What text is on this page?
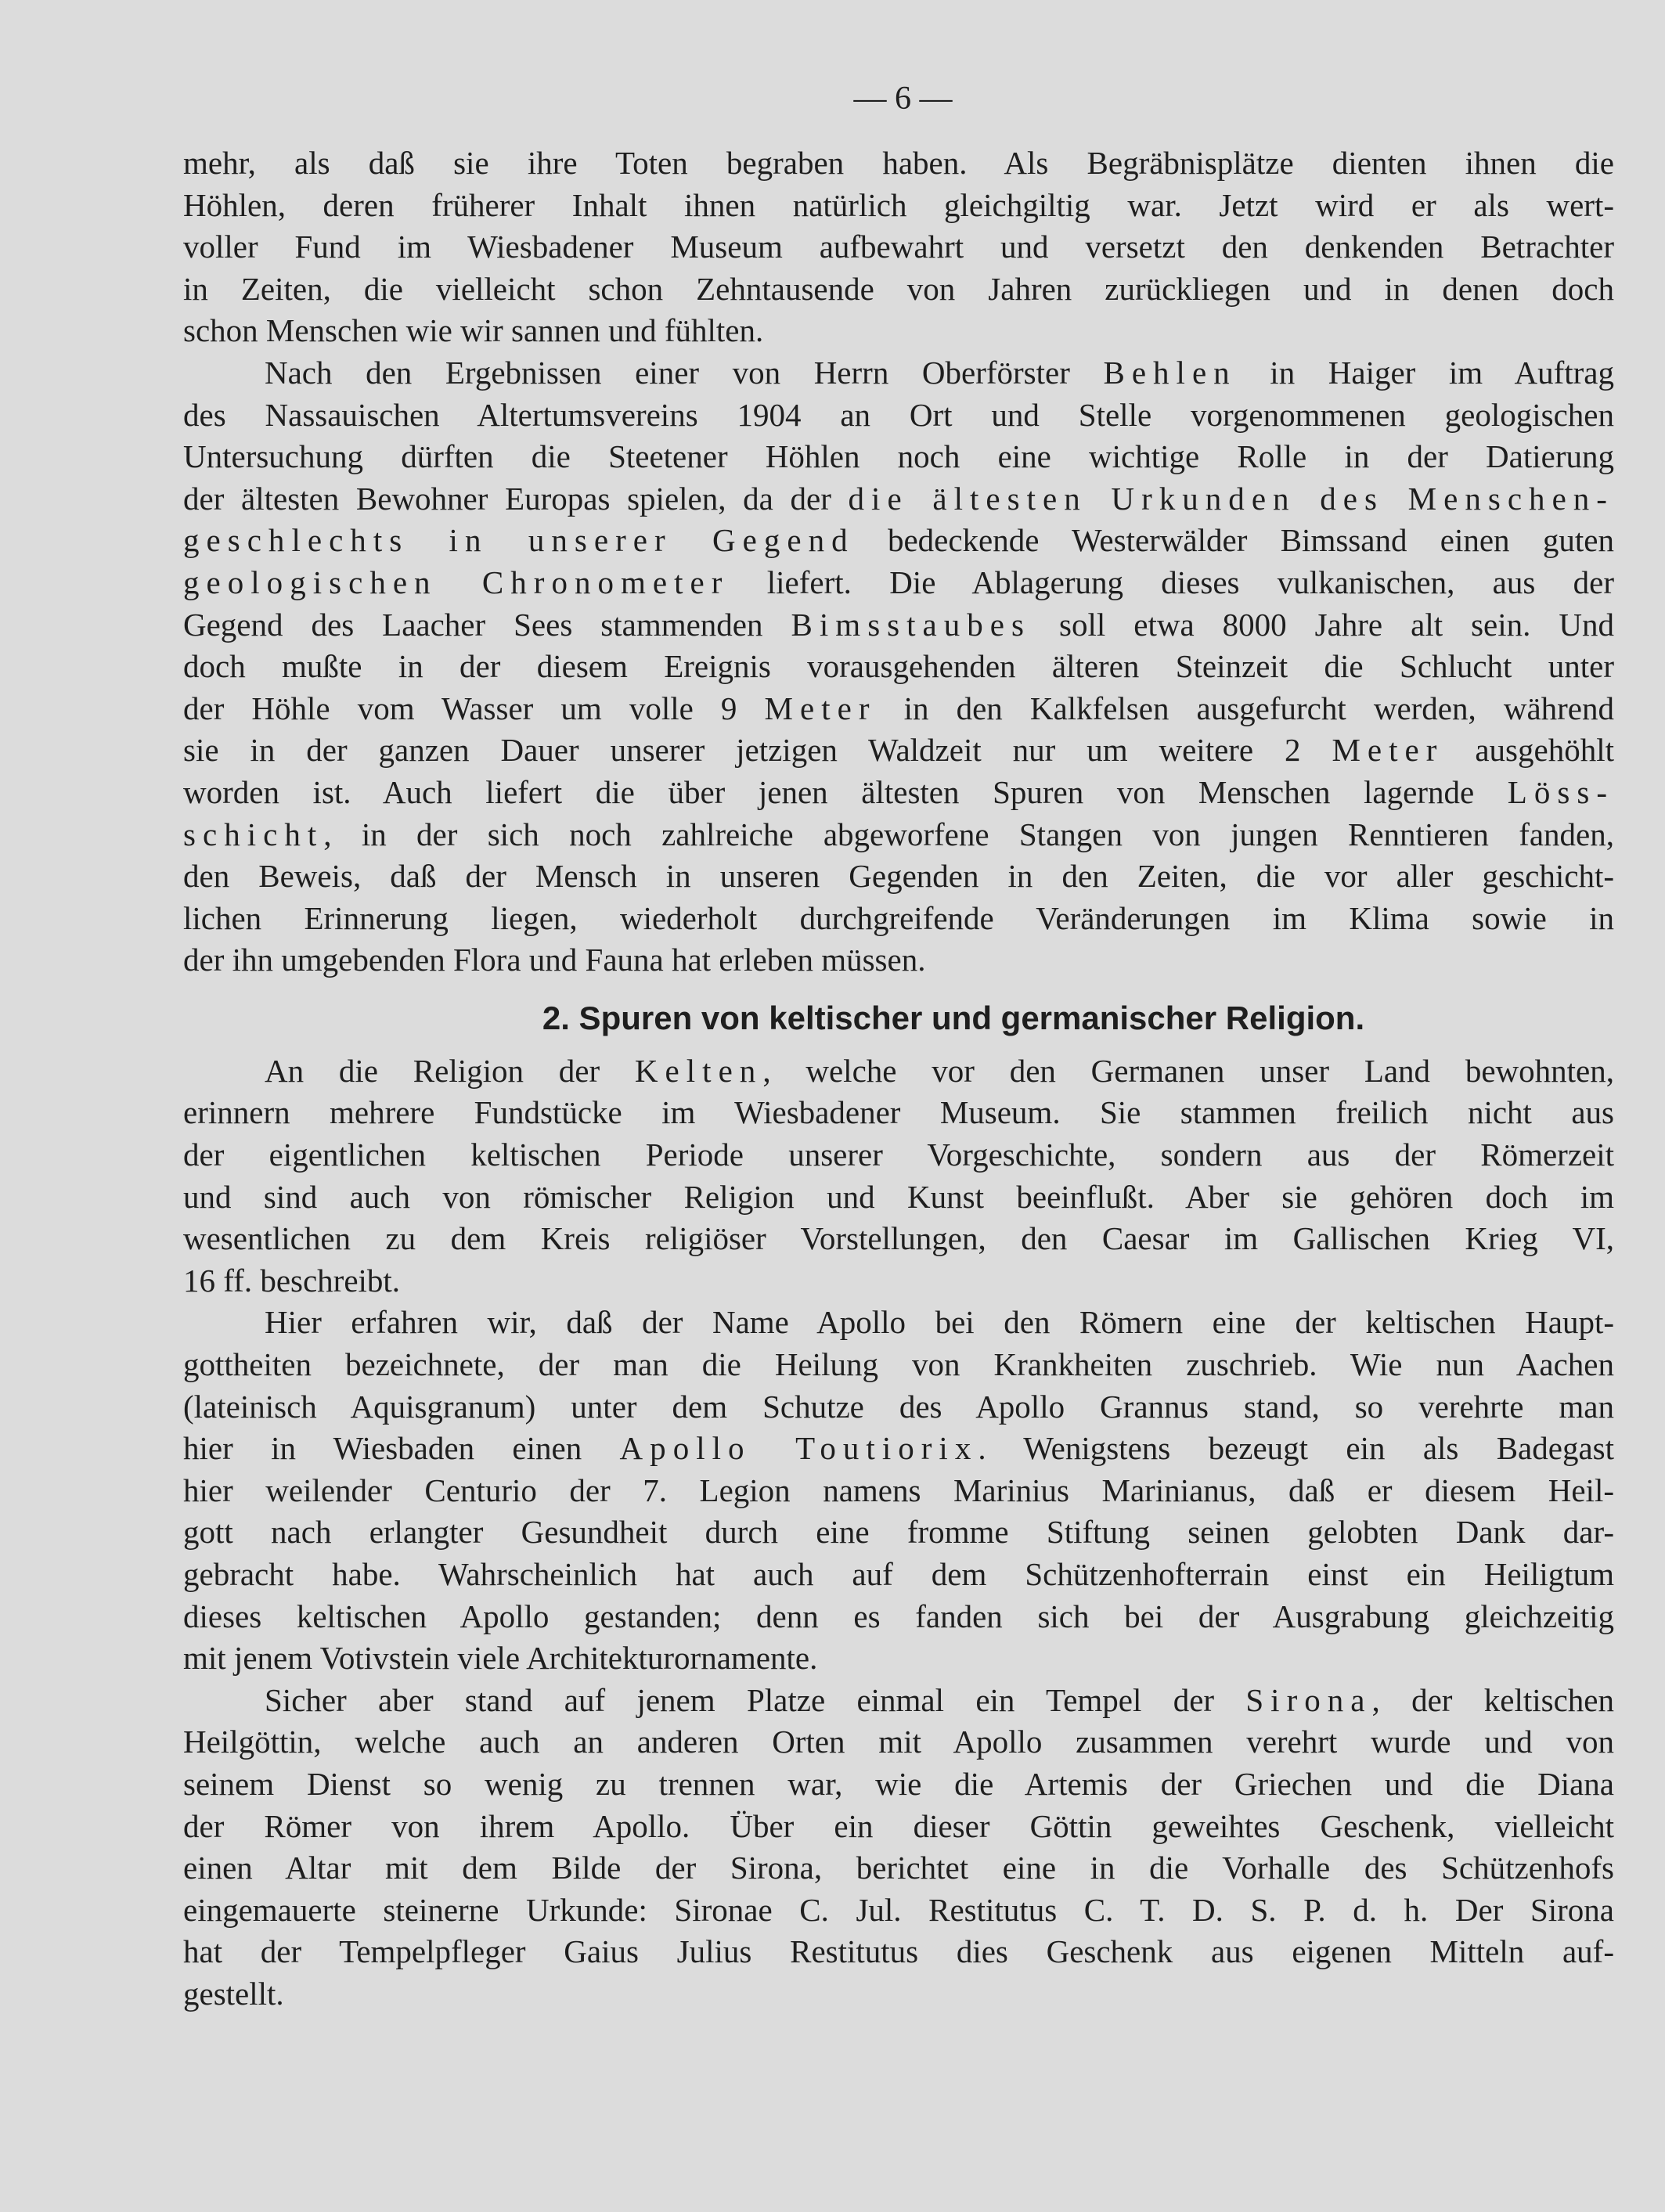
— 6 —
mehr, als daß sie ihre Toten begraben haben. Als Begräbnisplätze dienten ihnen die
Höhlen, deren früherer Inhalt ihnen natürlich gleichgiltig war. Jetzt wird er als wert-
voller Fund im Wiesbadener Museum aufbewahrt und versetzt den denkenden Betrachter
in Zeiten, die vielleicht schon Zehntausende von Jahren zurückliegen und in denen doch
schon Menschen wie wir sannen und fühlten.
Nach den Ergebnissen einer von Herrn Oberförster Behlen in Haiger im Auftrag
des Nassauischen Altertumsvereins 1904 an Ort und Stelle vorgenommenen geologischen
Untersuchung dürften die Steetener Höhlen noch eine wichtige Rolle in der Datierung
der ältesten Bewohner Europas spielen, da der die ältesten Urkunden des Menschen-
geschlechts in unserer Gegend bedeckende Westerwälder Bimssand einen guten
geologischen Chronometer liefert. Die Ablagerung dieses vulkanischen, aus der
Gegend des Laacher Sees stammenden Bimsstaubes soll etwa 8000 Jahre alt sein. Und
doch mußte in der diesem Ereignis vorausgehenden älteren Steinzeit die Schlucht unter
der Höhle vom Wasser um volle 9 Meter in den Kalkfelsen ausgefurcht werden, während
sie in der ganzen Dauer unserer jetzigen Waldzeit nur um weitere 2 Meter ausgehöhlt
worden ist. Auch liefert die über jenen ältesten Spuren von Menschen lagernde Löss-
schicht, in der sich noch zahlreiche abgeworfene Stangen von jungen Renntieren fanden,
den Beweis, daß der Mensch in unseren Gegenden in den Zeiten, die vor aller geschicht-
lichen Erinnerung liegen, wiederholt durchgreifende Veränderungen im Klima sowie in
der ihn umgebenden Flora und Fauna hat erleben müssen.
2. Spuren von keltischer und germanischer Religion.
An die Religion der Kelten, welche vor den Germanen unser Land bewohnten,
erinnern mehrere Fundstücke im Wiesbadener Museum. Sie stammen freilich nicht aus
der eigentlichen keltischen Periode unserer Vorgeschichte, sondern aus der Römerzeit
und sind auch von römischer Religion und Kunst beeinflußt. Aber sie gehören doch im
wesentlichen zu dem Kreis religiöser Vorstellungen, den Caesar im Gallischen Krieg VI,
16 ff. beschreibt.
Hier erfahren wir, daß der Name Apollo bei den Römern eine der keltischen Haupt-
gottheiten bezeichnete, der man die Heilung von Krankheiten zuschrieb. Wie nun Aachen
(lateinisch Aquisgranum) unter dem Schutze des Apollo Grannus stand, so verehrte man
hier in Wiesbaden einen Apollo Toutiorix. Wenigstens bezeugt ein als Badegast
hier weilender Centurio der 7. Legion namens Marinius Marinianus, daß er diesem Heil-
gott nach erlangter Gesundheit durch eine fromme Stiftung seinen gelobten Dank dar-
gebracht habe. Wahrscheinlich hat auch auf dem Schützenhofterrain einst ein Heiligtum
dieses keltischen Apollo gestanden; denn es fanden sich bei der Ausgrabung gleichzeitig
mit jenem Votivstein viele Architekturornamente.
Sicher aber stand auf jenem Platze einmal ein Tempel der Sirona, der keltischen
Heilgöttin, welche auch an anderen Orten mit Apollo zusammen verehrt wurde und von
seinem Dienst so wenig zu trennen war, wie die Artemis der Griechen und die Diana
der Römer von ihrem Apollo. Über ein dieser Göttin geweihtes Geschenk, vielleicht
einen Altar mit dem Bilde der Sirona, berichtet eine in die Vorhalle des Schützenhofs
eingemauerte steinerne Urkunde: Sironae C. Jul. Restitutus C. T. D. S. P. d. h. Der Sirona
hat der Tempelpfleger Gaius Julius Restitutus dies Geschenk aus eigenen Mitteln auf-
gestellt.
